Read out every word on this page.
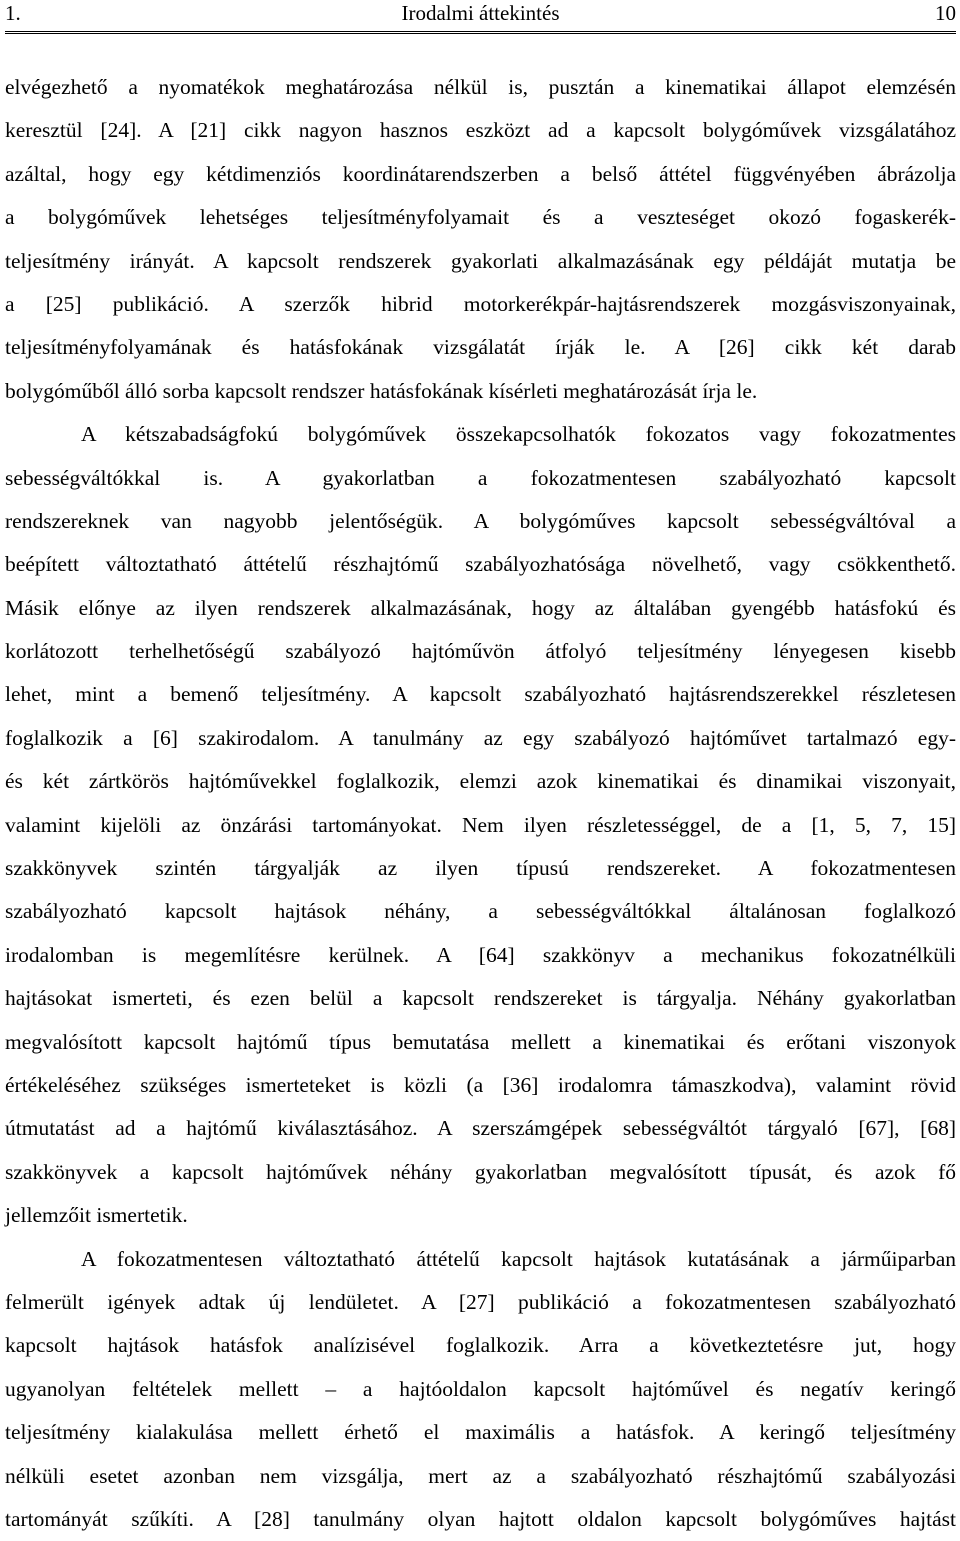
1.	Irodalmi áttekintés	10
elvégezhető a nyomatékok meghatározása nélkül is, pusztán a kinematikai állapot elemzésén
keresztül [24]. A [21] cikk nagyon hasznos eszközt ad a kapcsolt bolygóművek vizsgálatához
azáltal, hogy egy kétdimenziós koordinátarendszerben a belső áttétel függvényében ábrázolja
a bolygóművek lehetséges teljesítményfolyamait és a veszteséget okozó fogaskerék-
teljesítmény irányát. A kapcsolt rendszerek gyakorlati alkalmazásának egy példáját mutatja be
a [25] publikáció. A szerzők hibrid motorkerékpár-hajtásrendszerek mozgásviszonyainak,
teljesítményfolyamának és hatásfokának vizsgálatát írják le. A [26] cikk két darab
bolygóműből álló sorba kapcsolt rendszer hatásfokának kísérleti meghatározását írja le.
A kétszabadságfokú bolygóművek összekapcsolhatók fokozatos vagy fokozatmentes
sebességváltókkal is. A gyakorlatban a fokozatmentesen szabályozható kapcsolt
rendszereknek van nagyobb jelentőségük. A bolygóműves kapcsolt sebességváltóval a
beépített változtatható áttételű részhajtómű szabályozhatósága növelhető, vagy csökkenthető.
Másik előnye az ilyen rendszerek alkalmazásának, hogy az általában gyengébb hatásfokú és
korlátozott terhelhetőségű szabályozó hajtóművön átfolyó teljesítmény lényegesen kisebb
lehet, mint a bemenő teljesítmény. A kapcsolt szabályozható hajtásrendszerekkel részletesen
foglalkozik a [6] szakirodalom. A tanulmány az egy szabályozó hajtóművet tartalmazó egy-
és két zártkörös hajtóművekkel foglalkozik, elemzi azok kinematikai és dinamikai viszonyait,
valamint kijelöli az önzárási tartományokat. Nem ilyen részletességgel, de a [1, 5, 7, 15]
szakkönyvek szintén tárgyalják az ilyen típusú rendszereket. A fokozatmentesen
szabályozható kapcsolt hajtások néhány, a sebességváltókkal általánosan foglalkozó
irodalomban is megemlítésre kerülnek. A [64] szakkönyv a mechanikus fokozatnélküli
hajtásokat ismerteti, és ezen belül a kapcsolt rendszereket is tárgyalja. Néhány gyakorlatban
megvalósított kapcsolt hajtómű típus bemutatása mellett a kinematikai és erőtani viszonyok
értékeléséhez szükséges ismerteteket is közli (a [36] irodalomra támaszkodva), valamint rövid
útmutatást ad a hajtómű kiválasztásához. A szerszámgépek sebességváltót tárgyaló [67], [68]
szakkönyvek a kapcsolt hajtóművek néhány gyakorlatban megvalósított típusát, és azok fő
jellemzőit ismertetik.
A fokozatmentesen változtatható áttételű kapcsolt hajtások kutatásának a járműiparban
felmerült igények adtak új lendületet. A [27] publikáció a fokozatmentesen szabályozható
kapcsolt hajtások hatásfok analízisével foglalkozik. Arra a következtetésre jut, hogy
ugyanolyan feltételek mellett – a hajtóoldalon kapcsolt hajtóművel és negatív keringő
teljesítmény kialakulása mellett érhető el maximális a hatásfok. A keringő teljesítmény
nélküli esetet azonban nem vizsgálja, mert az a szabályozható részhajtómű szabályozási
tartományát szűkíti. A [28] tanulmány olyan hajtott oldalon kapcsolt bolygóműves hajtást
